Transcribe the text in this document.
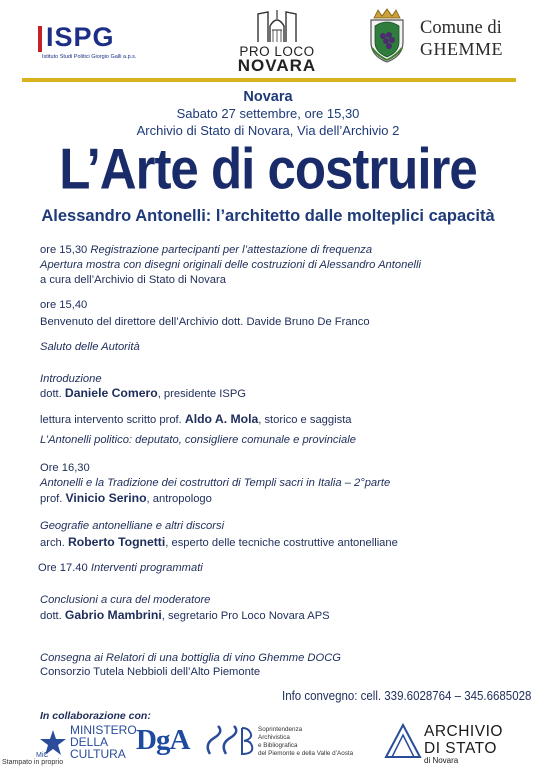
ISPG
Istituto Studi Politici Giorgio Galli a.p.s.	PRO LOCO
NOVARA
Comune di
GHEMME
Novara
Sabato 27 settembre, ore 15,30
Archivio di Stato di Novara, Via dell’Archivio 2
L’Arte di costruire
Alessandro Antonelli: l’architetto dalle molteplici capacità
ore 15,30 Registrazione partecipanti per l’attestazione di frequenza
Apertura mostra con disegni originali delle costruzioni di Alessandro Antonelli
a cura dell’Archivio di Stato di Novara
ore 15,40
Benvenuto del direttore dell’Archivio dott. Davide Bruno De Franco
Saluto delle Autorità
Introduzione
dott. Daniele Comero, presidente ISPG
lettura intervento scritto prof. Aldo A. Mola, storico e saggista
L’Antonelli politico: deputato, consigliere comunale e provinciale
Ore 16,30
Antonelli e la Tradizione dei costruttori di Templi sacri in Italia – 2°parte
prof. Vinicio Serino, antropologo
Geografie antonelliane e altri discorsi
arch. Roberto Tognetti, esperto delle tecniche costruttive antonelliane
Ore 17.40 Interventi programmati
Conclusioni a cura del moderatore
dott. Gabrio Mambrini, segretario Pro Loco Novara APS
Consegna ai Relatori di una bottiglia di vino Ghemme DOCG
Consorzio Tutela Nebbioli dell’Alto Piemonte
Info convegno: cell. 339.6028764 – 345.6685028
In collaborazione con:
MINISTERO
DELLA
CULTURA
MiC	DgA	Soprintendenza
Archivistica
e Bibliografica
del Piemonte e della Valle d’Aosta
ARCHIVIO
DI STATO
di Novara
Stampato in proprio
